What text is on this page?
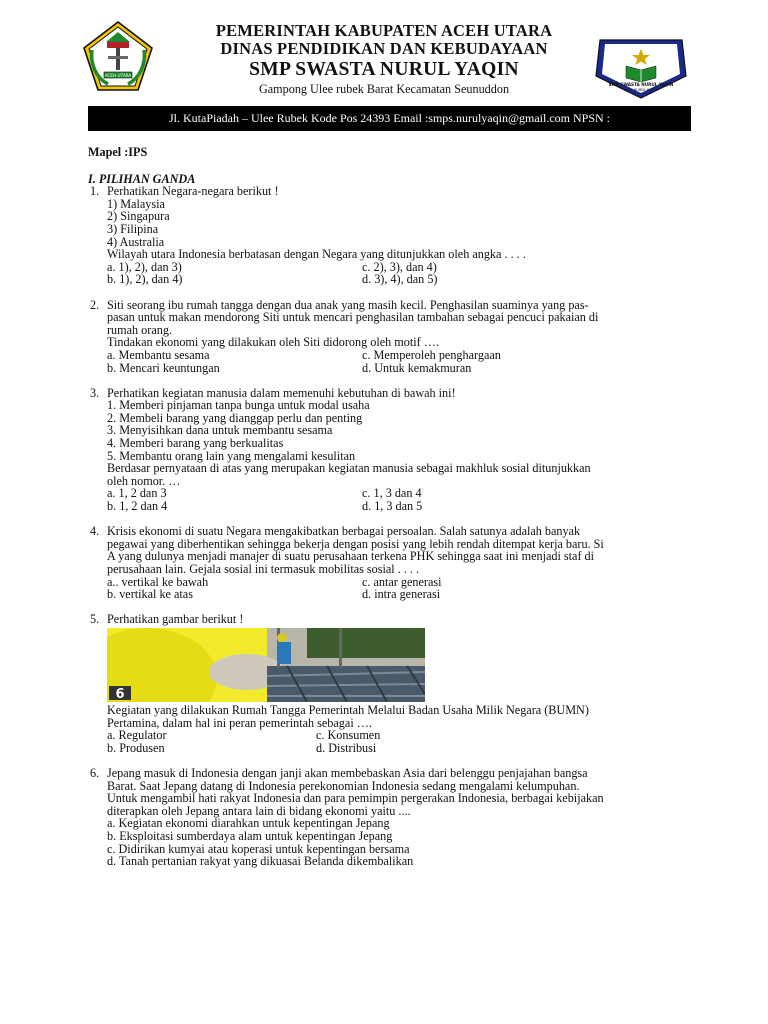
ACEH UTARA
PEMERINTAH KABUPATEN ACEH UTARA
DINAS PENDIDIKAN DAN KEBUDAYAAN
SMP SWASTA NURUL YAQIN
Gampong Ulee rubek Barat Kecamatan Seunuddon	SMP SWASTA NURUL YAQIN
ULEE RUBEK BARAT
Jl. KutaPiadah – Ulee Rubek Kode Pos 24393 Email :smps.nurulyaqin@gmail.com NPSN :
Mapel :IPS
I. PILIHAN GANDA
1. Perhatikan Negara-negara berikut !
1) Malaysia
2) Singapura
3) Filipina
4) Australia
Wilayah utara Indonesia berbatasan dengan Negara yang ditunjukkan oleh angka . . . .
a. 1), 2), dan 3)	c. 2), 3), dan 4)
b. 1), 2), dan 4)	d. 3), 4), dan 5)
2. Siti seorang ibu rumah tangga dengan dua anak yang masih kecil. Penghasilan suaminya yang pas-
pasan untuk makan mendorong Siti untuk mencari penghasilan tambahan sebagai pencuci pakaian di
rumah orang.
Tindakan ekonomi yang dilakukan oleh Siti didorong oleh motif ….
a. Membantu sesama	c. Memperoleh penghargaan
b. Mencari keuntungan	d. Untuk kemakmuran
3. Perhatikan kegiatan manusia dalam memenuhi kebutuhan di bawah ini!
1. Memberi pinjaman tanpa bunga untuk modal usaha
2. Membeli barang yang dianggap perlu dan penting
3. Menyisihkan dana untuk membantu sesama
4. Memberi barang yang berkualitas
5. Membantu orang lain yang mengalami kesulitan
Berdasar pernyataan di atas yang merupakan kegiatan manusia sebagai makhluk sosial ditunjukkan
oleh nomor. …
a. 1, 2 dan 3	c. 1, 3 dan 4
b. 1, 2 dan 4	d. 1, 3 dan 5
4. Krisis ekonomi di suatu Negara mengakibatkan berbagai persoalan. Salah satunya adalah banyak
pegawai yang diberhentikan sehingga bekerja dengan posisi yang lebih rendah ditempat kerja baru. Si
A yang dulunya menjadi manajer di suatu perusahaan terkena PHK sehingga saat ini menjadi staf di
perusahaan lain. Gejala sosial ini termasuk mobilitas sosial . . . .
a.. vertikal ke bawah	c. antar generasi
b. vertikal ke atas	d. intra generasi
5. Perhatikan gambar berikut !
6
Kegiatan yang dilakukan Rumah Tangga Pemerintah Melalui Badan Usaha Milik Negara (BUMN)
Pertamina, dalam hal ini peran pemerintah sebagai ….
a. Regulator	c. Konsumen
b. Produsen	d. Distribusi
6. Jepang masuk di Indonesia dengan janji akan membebaskan Asia dari belenggu penjajahan bangsa
Barat. Saat Jepang datang di Indonesia perekonomian Indonesia sedang mengalami kelumpuhan.
Untuk mengambil hati rakyat Indonesia dan para pemimpin pergerakan Indonesia, berbagai kebijakan
diterapkan oleh Jepang antara lain di bidang ekonomi yaitu ....
a. Kegiatan ekonomi diarahkan untuk kepentingan Jepang
b. Eksploitasi sumberdaya alam untuk kepentingan Jepang
c. Didirikan kumyai atau koperasi untuk kepentingan bersama
d. Tanah pertanian rakyat yang dikuasai Belanda dikembalikan
